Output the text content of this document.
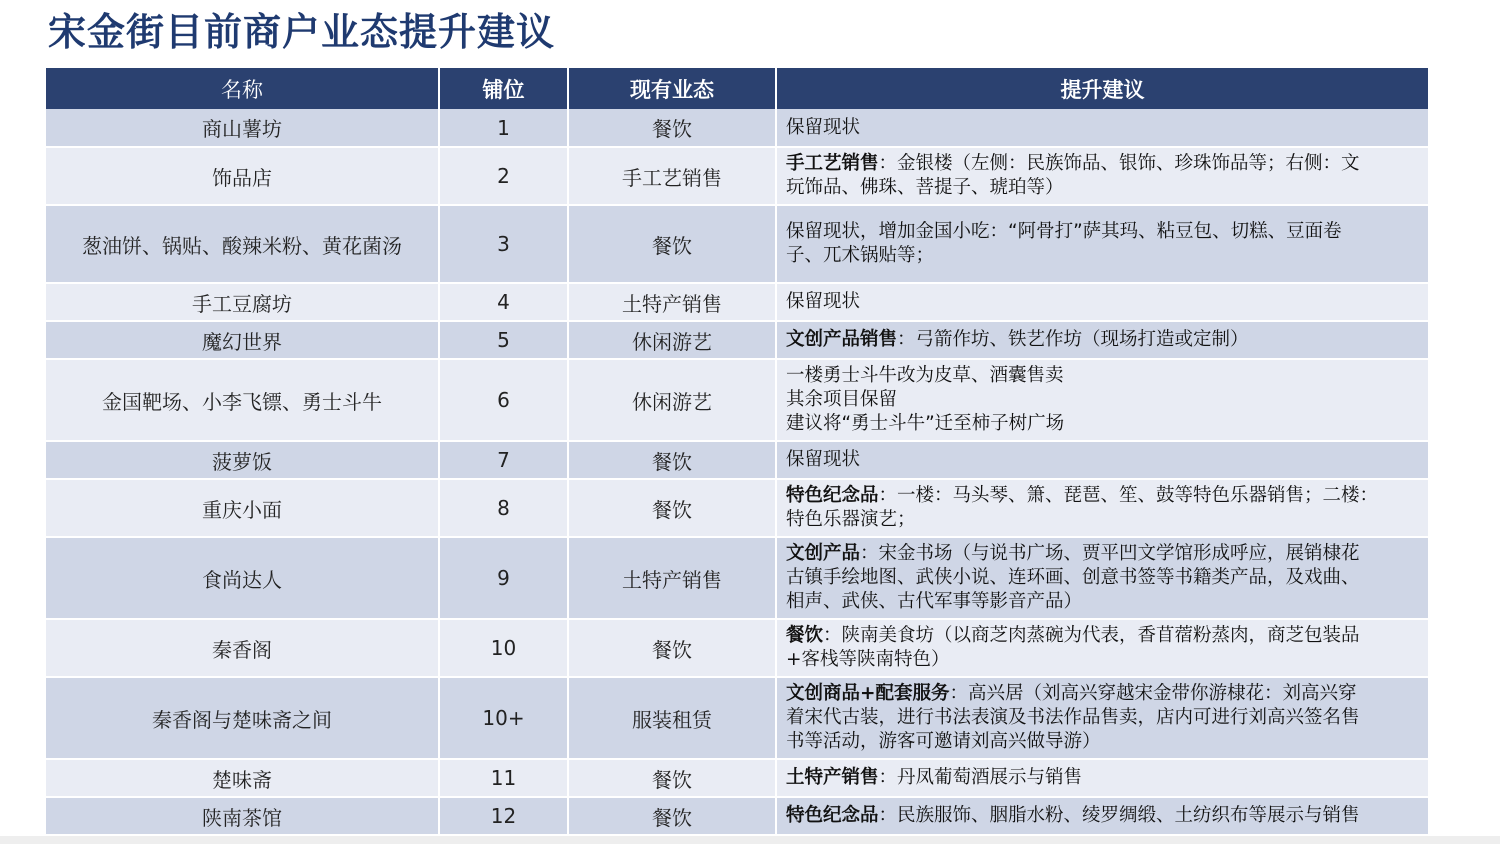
宋金街目前商户业态提升建议
名称	铺位	现有业态	提升建议
商山薯坊	1	餐饮	保留现状

饰品店	2	手工艺销售	手工艺销售：金银楼（左侧：民族饰品、银饰、珍珠饰品等；右侧：文
玩饰品、佛珠、菩提子、琥珀等）

葱油饼、锅贴、酸辣米粉、黄花菌汤	3	餐饮	保留现状，增加金国小吃：“阿骨打”萨其玛、粘豆包、切糕、豆面卷
子、兀术锅贴等；

手工豆腐坊	4	土特产销售	保留现状

魔幻世界	5	休闲游艺	文创产品销售：弓箭作坊、铁艺作坊（现场打造或定制）

金国靶场、小李飞镖、勇士斗牛	6	休闲游艺	一楼勇士斗牛改为皮草、酒囊售卖
其余项目保留
建议将“勇士斗牛”迁至柿子树广场

菠萝饭	7	餐饮	保留现状

重庆小面	8	餐饮	特色纪念品：一楼：马头琴、箫、琵琶、笙、鼓等特色乐器销售；二楼：
特色乐器演艺；

食尚达人	9	土特产销售	文创产品：宋金书场（与说书广场、贾平凹文学馆形成呼应，展销棣花
古镇手绘地图、武侠小说、连环画、创意书签等书籍类产品，及戏曲、
相声、武侠、古代军事等影音产品）

秦香阁	10	餐饮	餐饮：陕南美食坊（以商芝肉蒸碗为代表，香苜蓿粉蒸肉，商芝包装品
+客栈等陕南特色）

秦香阁与楚味斋之间	10+	服装租赁	文创商品+配套服务：高兴居（刘高兴穿越宋金带你游棣花：刘高兴穿
着宋代古装，进行书法表演及书法作品售卖，店内可进行刘高兴签名售
书等活动，游客可邀请刘高兴做导游）

楚味斋	11	餐饮	土特产销售：丹凤葡萄酒展示与销售

陕南茶馆	12	餐饮	特色纪念品：民族服饰、胭脂水粉、绫罗绸缎、土纺织布等展示与销售
